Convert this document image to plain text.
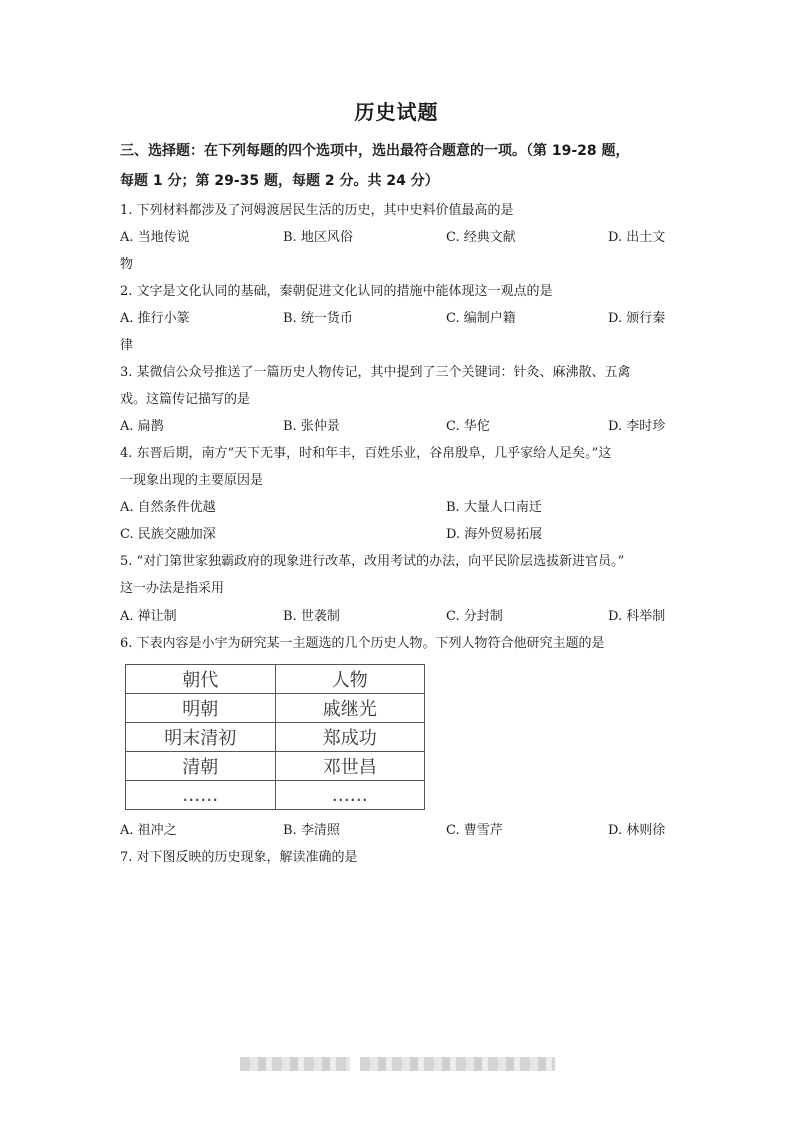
历史试题
三、选择题：在下列每题的四个选项中，选出最符合题意的一项。（第 19-28 题，
每题 1 分；第 29-35 题，每题 2 分。共 24 分）
1. 下列材料都涉及了河姆渡居民生活的历史，其中史料价值最高的是
A. 当地传说	B. 地区风俗	C. 经典文献	D. 出土文
物
2. 文字是文化认同的基础，秦朝促进文化认同的措施中能体现这一观点的是
A. 推行小篆	B. 统一货币	C. 编制户籍	D. 颁行秦
律
3. 某微信公众号推送了一篇历史人物传记，其中提到了三个关键词：针灸、麻沸散、五禽
戏。这篇传记描写的是
A. 扁鹊	B. 张仲景	C. 华佗	D. 李时珍
4. 东晋后期，南方“天下无事，时和年丰，百姓乐业，谷帛殷阜，几乎家给人足矣。”这
一现象出现的主要原因是
A. 自然条件优越	B. 大量人口南迁
C. 民族交融加深	D. 海外贸易拓展
5. “对门第世家独霸政府的现象进行改革，改用考试的办法，向平民阶层选拔新进官员。”
这一办法是指采用
A. 禅让制	B. 世袭制	C. 分封制	D. 科举制
6. 下表内容是小宇为研究某一主题选的几个历史人物。下列人物符合他研究主题的是
朝代	人物
明朝	戚继光
明末清初	郑成功
清朝	邓世昌
……	……
A. 祖冲之	B. 李清照	C. 曹雪芹	D. 林则徐
7. 对下图反映的历史现象，解读准确的是
